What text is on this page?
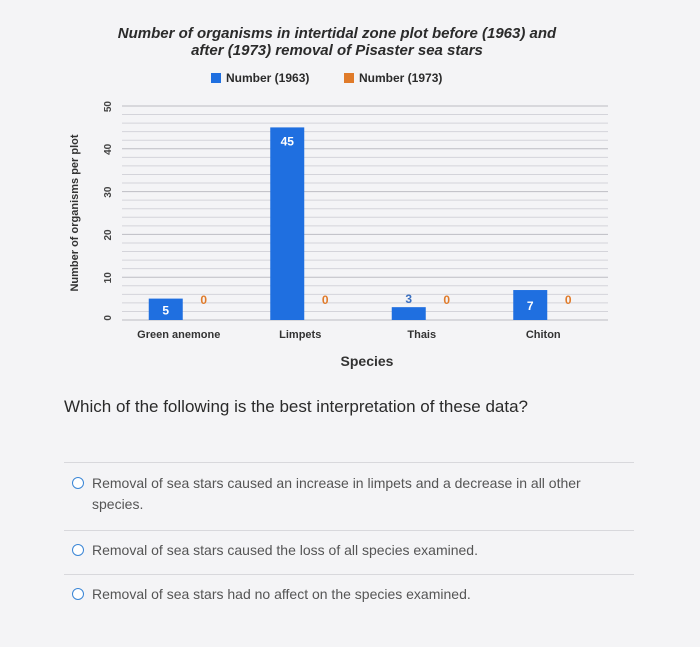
Number of organisms in intertidal zone plot before (1963) and
after (1973) removal of Pisaster sea stars
Number (1963)	Number (1973)
0
10
20
30
40
50
Number of organisms per plot
5
0
Green anemone
45
0
Limpets
3	0
Thais
7	0
Chiton
Species
Which of the following is the best interpretation of these data?
Removal of sea stars caused an increase in limpets and a decrease in all other species.
Removal of sea stars caused the loss of all species examined.
Removal of sea stars had no affect on the species examined.
